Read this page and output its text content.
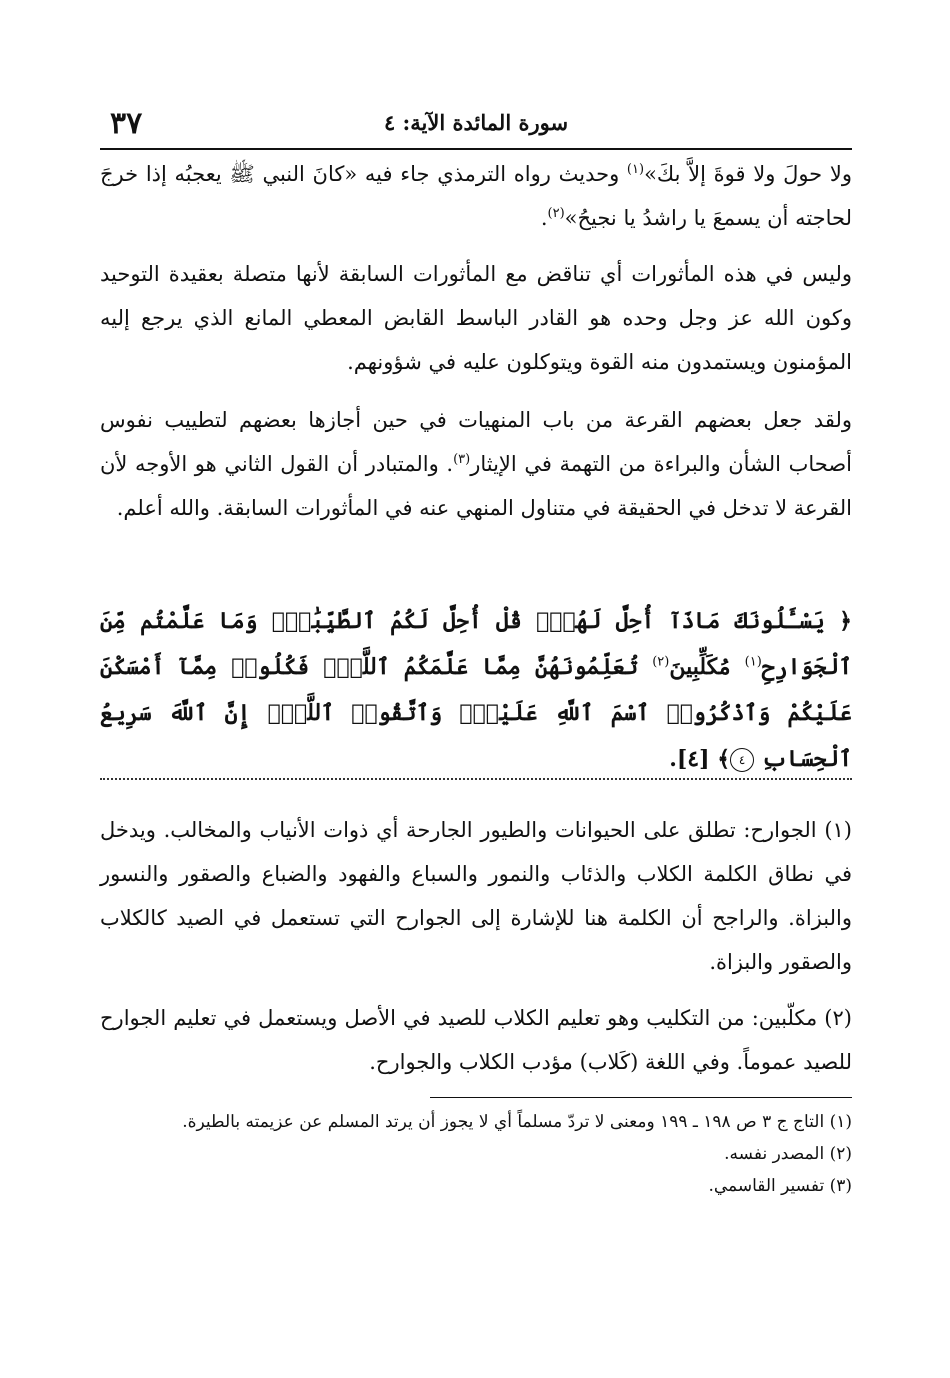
٣٧	سورة المائدة الآية: ٤

ولا حولَ ولا قوةَ إلاَّ بكَ»$^{(١)}$ وحديث رواه الترمذي جاء فيه «كانَ النبي ﷺ يعجبُه إذا خرجَ لحاجته أن يسمعَ يا راشدُ يا نجيحُ»$^{(٢)}$.

وليس في هذه المأثورات أي تناقض مع المأثورات السابقة لأنها متصلة بعقيدة التوحيد وكون الله عز وجل وحده هو القادر الباسط القابض المعطي المانع الذي يرجع إليه المؤمنون ويستمدون منه القوة ويتوكلون عليه في شؤونهم.

ولقد جعل بعضهم القرعة من باب المنهيات في حين أجازها بعضهم لتطييب نفوس أصحاب الشأن والبراءة من التهمة في الإيثار$^{(٣)}$. والمتبادر أن القول الثاني هو الأوجه لأن القرعة لا تدخل في الحقيقة في متناول المنهي عنه في المأثورات السابقة. والله أعلم.

﴿ يَسْـَٔلُونَكَ مَاذَآ أُحِلَّ لَهُمْۖ قُلْ أُحِلَّ لَكُمُ ٱلطَّيِّبَٰتُۙ وَمَا عَلَّمْتُم مِّنَ ٱلْجَوَارِحِ$^{(١)}$ مُكَلِّبِينَ$^{(٢)}$ تُعَلِّمُونَهُنَّ مِمَّا عَلَّمَكُمُ ٱللَّهُۖ فَكُلُوا۟ مِمَّآ أَمْسَكْنَ عَلَيْكُمْ وَٱذْكُرُوا۟ ٱسْمَ ٱللَّهِ عَلَيْهِۖ وَٱتَّقُوا۟ ٱللَّهَۚ إِنَّ ٱللَّهَ سَرِيعُ ٱلْحِسَابِ ٤﴾ [٤].

(١) الجوارح: تطلق على الحيوانات والطيور الجارحة أي ذوات الأنياب والمخالب. ويدخل في نطاق الكلمة الكلاب والذئاب والنمور والسباع والفهود والضباع والصقور والنسور والبزاة. والراجح أن الكلمة هنا للإشارة إلى الجوارح التي تستعمل في الصيد كالكلاب والصقور والبزاة.

(٢) مكلّبين: من التكليب وهو تعليم الكلاب للصيد في الأصل ويستعمل في تعليم الجوارح للصيد عموماً. وفي اللغة (كَلاب) مؤدب الكلاب والجوارح.

(١) التاج ج ٣ ص ١٩٨ ـ ١٩٩ ومعنى لا تردّ مسلماً أي لا يجوز أن يرتد المسلم عن عزيمته بالطيرة.

(٢) المصدر نفسه.

(٣) تفسير القاسمي.
